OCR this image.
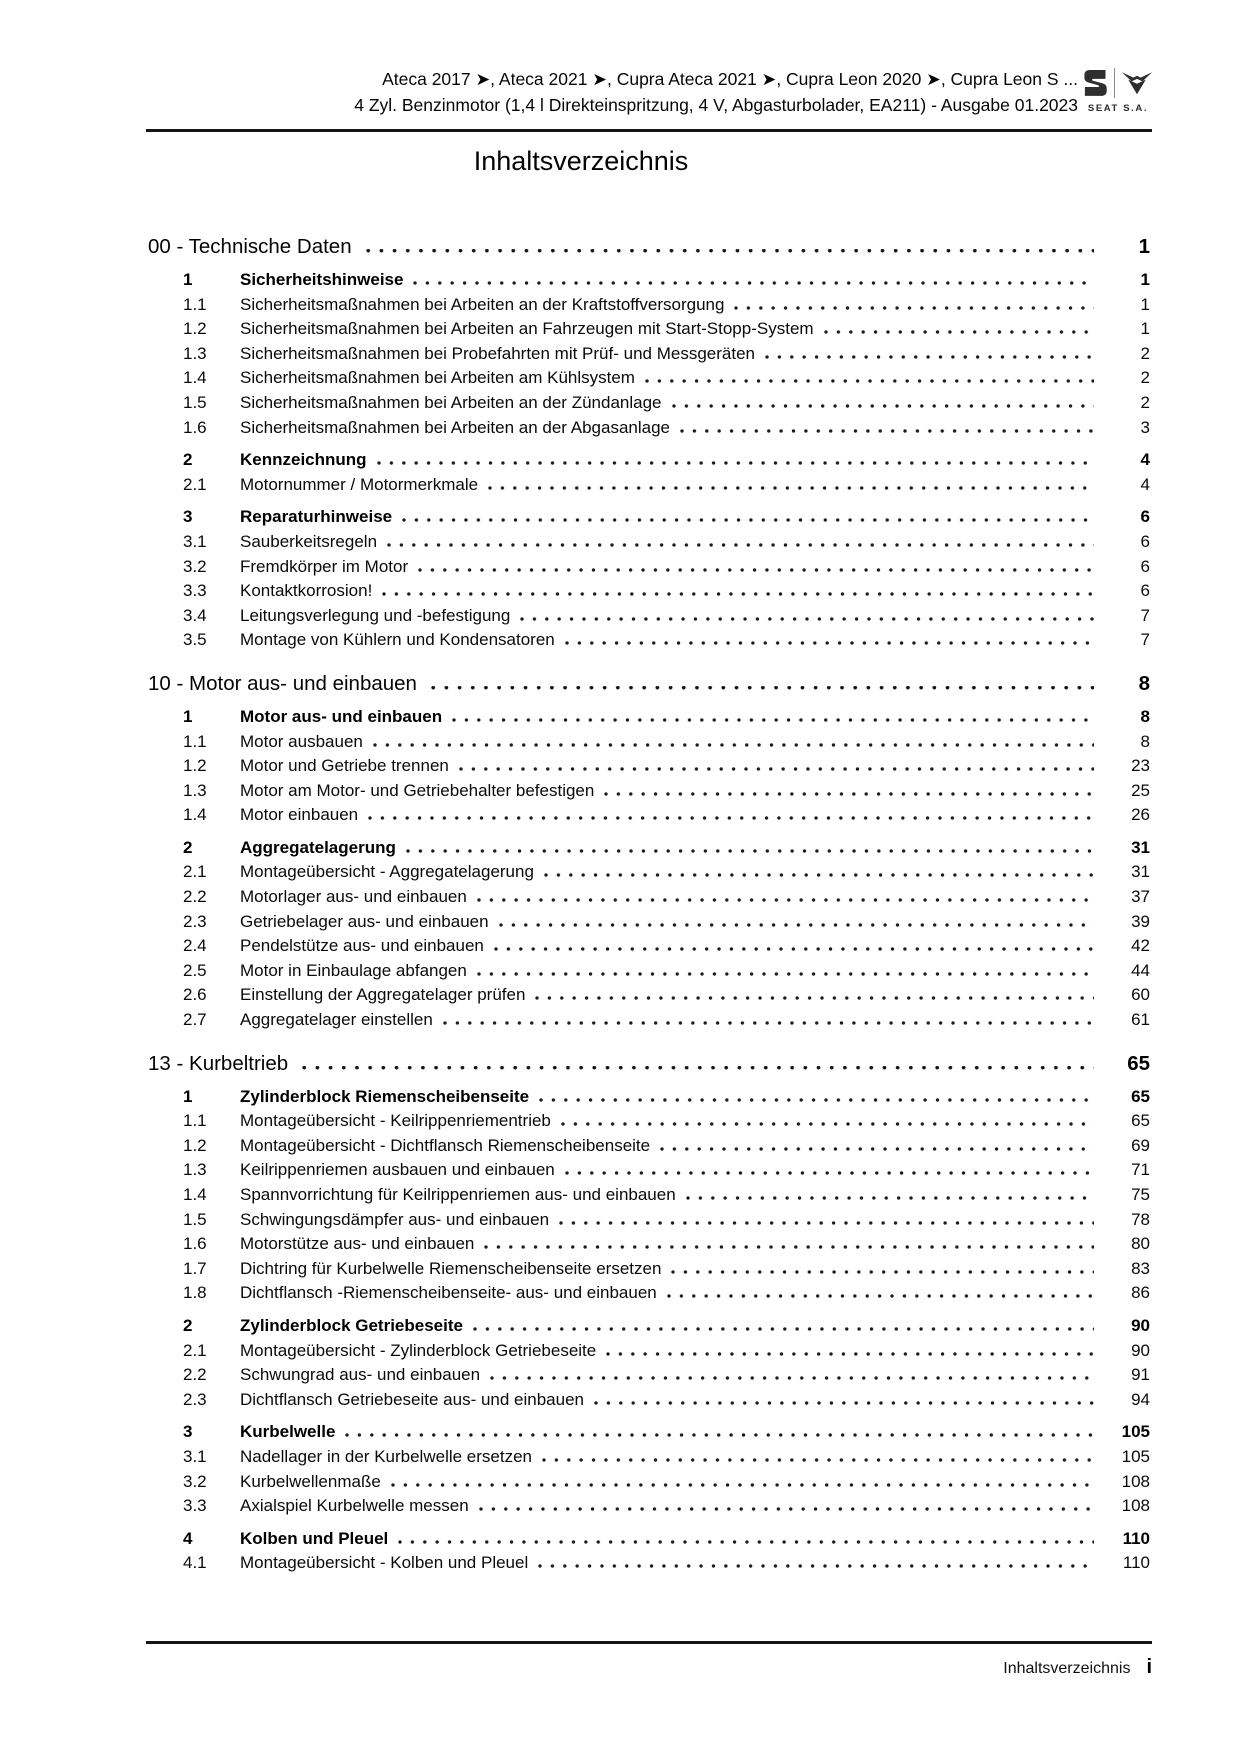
Ateca 2017 ➤, Ateca 2021 ➤, Cupra Ateca 2021 ➤, Cupra Leon 2020 ➤, Cupra Leon S ...
4 Zyl. Benzinmotor (1,4 l Direkteinspritzung, 4 V, Abgasturbolader, EA211) - Ausgabe 01.2023	SEAT S.A.
Inhaltsverzeichnis
00 - Technische Daten	1
1	Sicherheitshinweise	1
1.1	Sicherheitsmaßnahmen bei Arbeiten an der Kraftstoffversorgung	1
1.2	Sicherheitsmaßnahmen bei Arbeiten an Fahrzeugen mit Start-Stopp-System	1
1.3	Sicherheitsmaßnahmen bei Probefahrten mit Prüf- und Messgeräten	2
1.4	Sicherheitsmaßnahmen bei Arbeiten am Kühlsystem	2
1.5	Sicherheitsmaßnahmen bei Arbeiten an der Zündanlage	2
1.6	Sicherheitsmaßnahmen bei Arbeiten an der Abgasanlage	3
2	Kennzeichnung	4
2.1	Motornummer / Motormerkmale	4
3	Reparaturhinweise	6
3.1	Sauberkeitsregeln	6
3.2	Fremdkörper im Motor	6
3.3	Kontaktkorrosion!	6
3.4	Leitungsverlegung und -befestigung	7
3.5	Montage von Kühlern und Kondensatoren	7
10 - Motor aus- und einbauen	8
1	Motor aus- und einbauen	8
1.1	Motor ausbauen	8
1.2	Motor und Getriebe trennen	23
1.3	Motor am Motor- und Getriebehalter befestigen	25
1.4	Motor einbauen	26
2	Aggregatelagerung	31
2.1	Montageübersicht - Aggregatelagerung	31
2.2	Motorlager aus- und einbauen	37
2.3	Getriebelager aus- und einbauen	39
2.4	Pendelstütze aus- und einbauen	42
2.5	Motor in Einbaulage abfangen	44
2.6	Einstellung der Aggregatelager prüfen	60
2.7	Aggregatelager einstellen	61
13 - Kurbeltrieb	65
1	Zylinderblock Riemenscheibenseite	65
1.1	Montageübersicht - Keilrippenriementrieb	65
1.2	Montageübersicht - Dichtflansch Riemenscheibenseite	69
1.3	Keilrippenriemen ausbauen und einbauen	71
1.4	Spannvorrichtung für Keilrippenriemen aus- und einbauen	75
1.5	Schwingungsdämpfer aus- und einbauen	78
1.6	Motorstütze aus- und einbauen	80
1.7	Dichtring für Kurbelwelle Riemenscheibenseite ersetzen	83
1.8	Dichtflansch -Riemenscheibenseite- aus- und einbauen	86
2	Zylinderblock Getriebeseite	90
2.1	Montageübersicht - Zylinderblock Getriebeseite	90
2.2	Schwungrad aus- und einbauen	91
2.3	Dichtflansch Getriebeseite aus- und einbauen	94
3	Kurbelwelle	105
3.1	Nadellager in der Kurbelwelle ersetzen	105
3.2	Kurbelwellenmaße	108
3.3	Axialspiel Kurbelwelle messen	108
4	Kolben und Pleuel	110
4.1	Montageübersicht - Kolben und Pleuel	110
Inhaltsverzeichnis i
